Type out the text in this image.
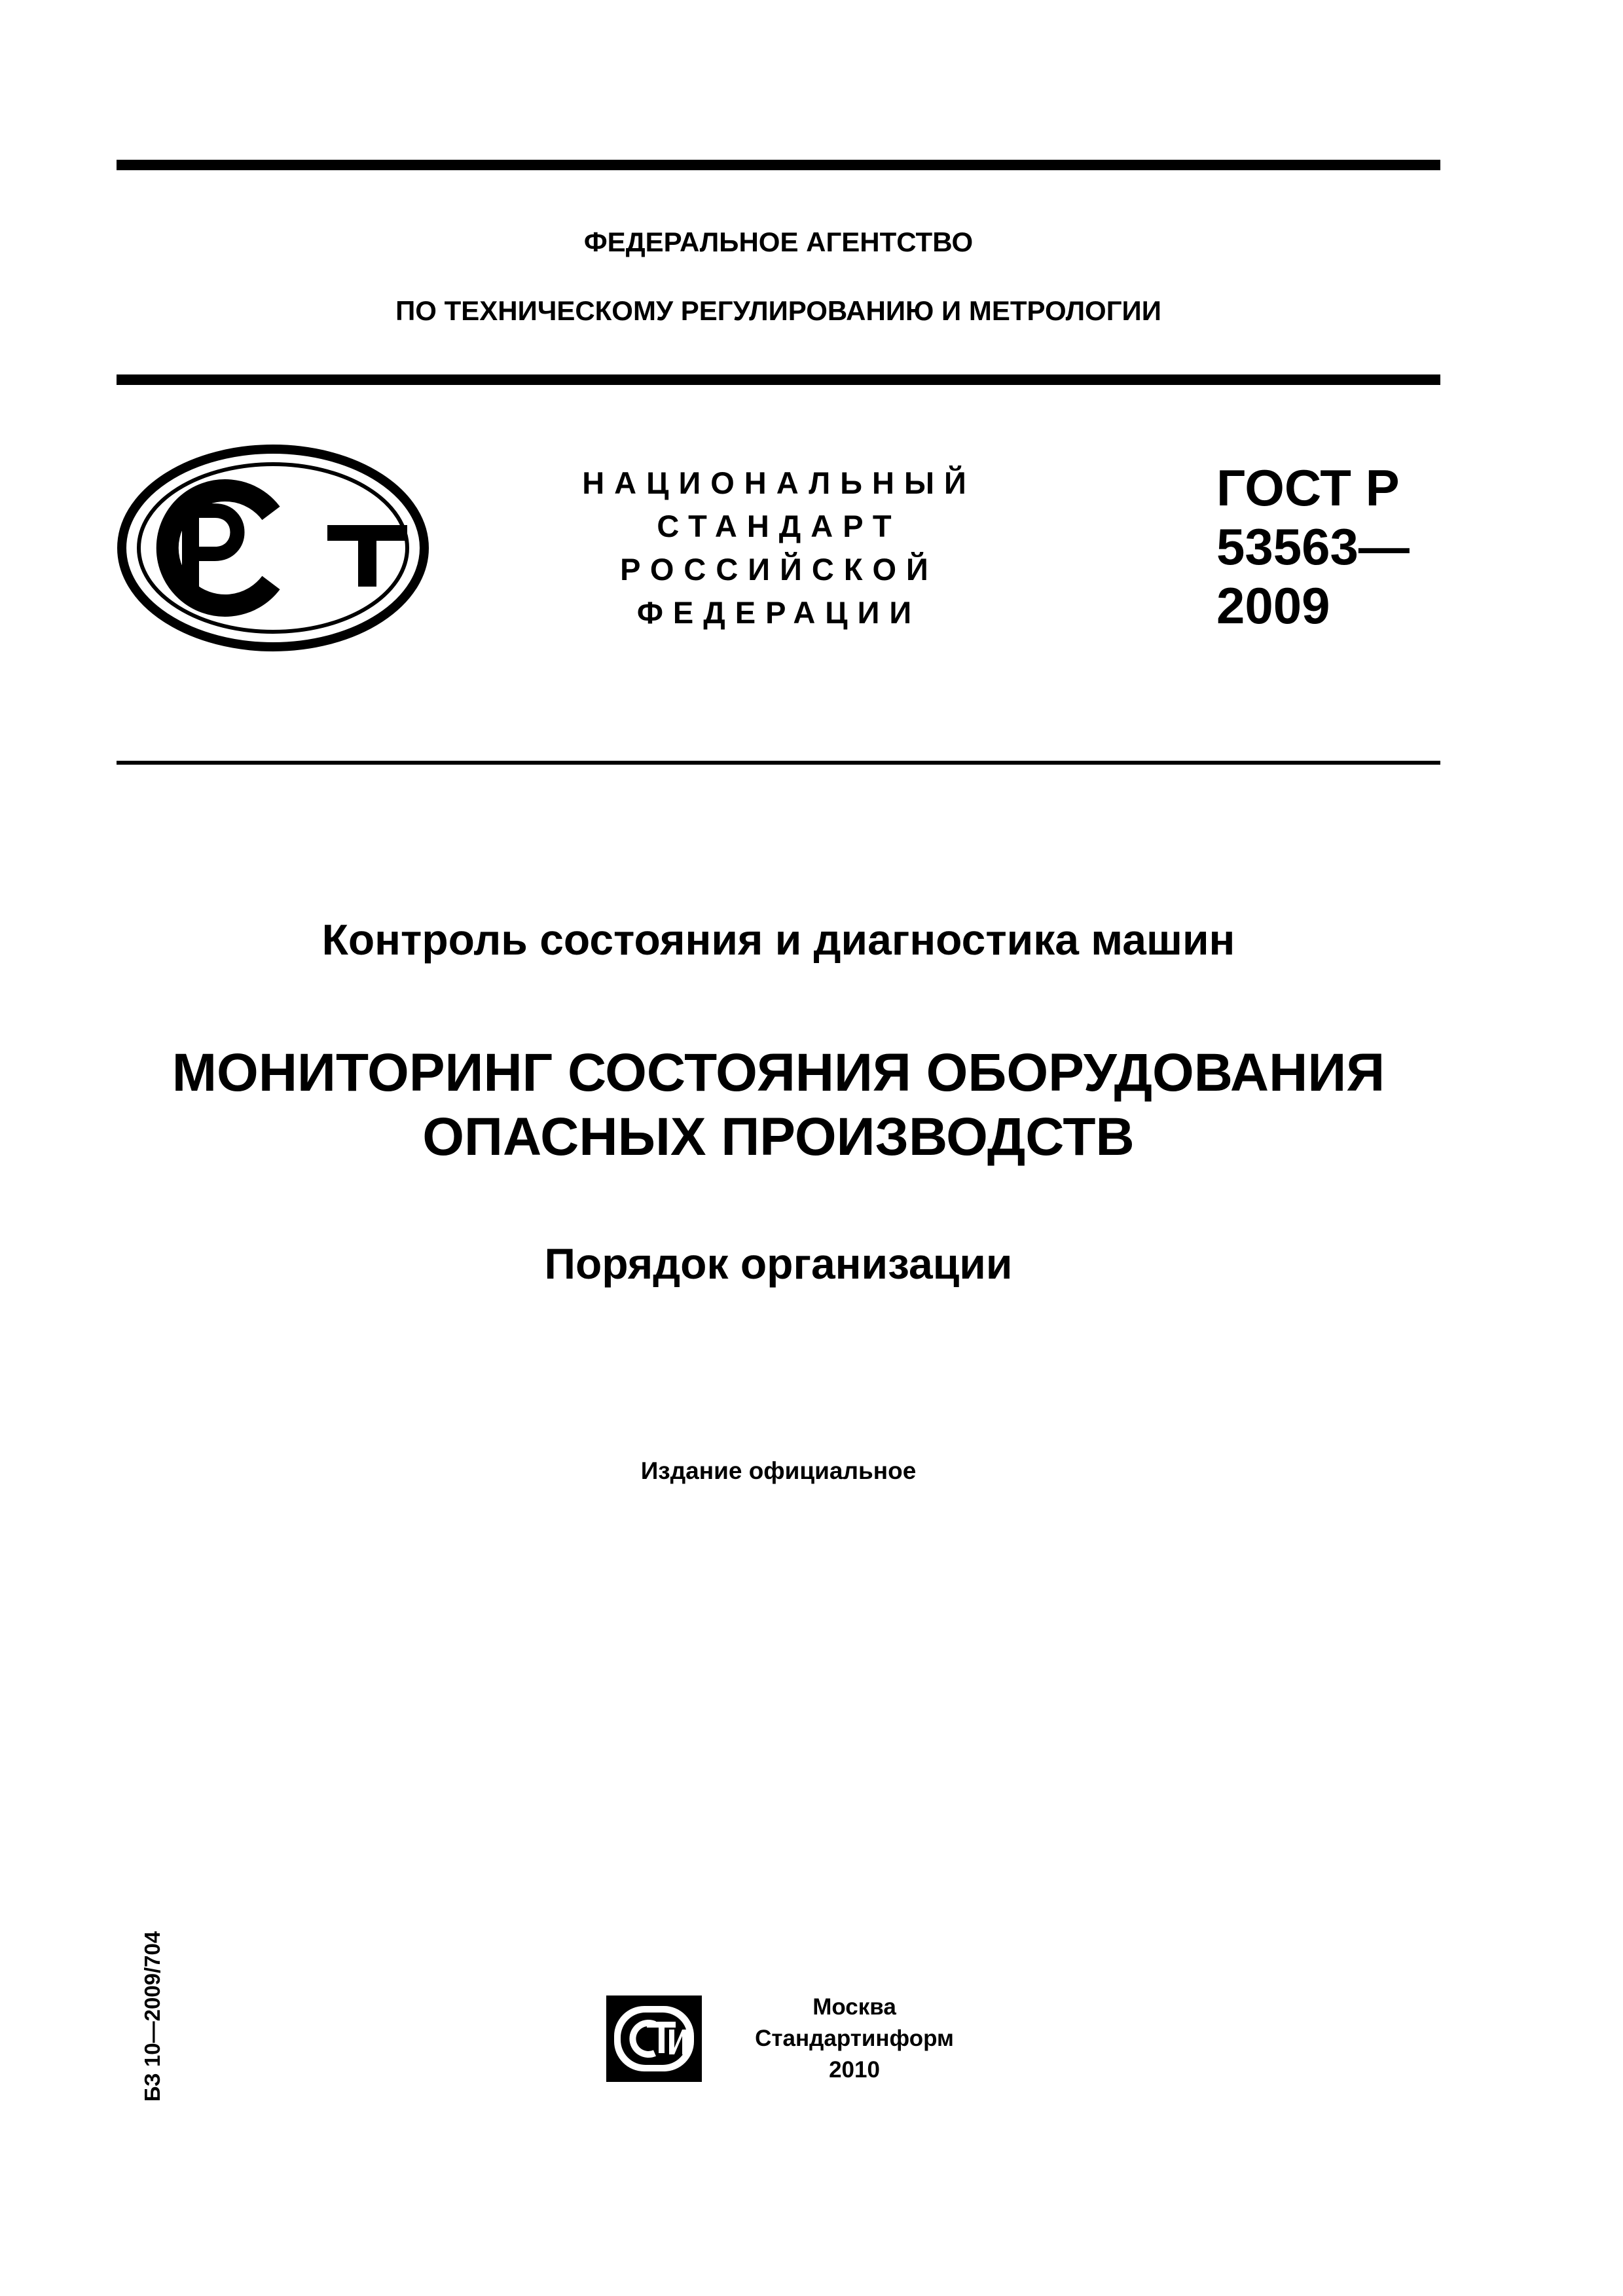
ФЕДЕРАЛЬНОЕ АГЕНТСТВО

ПО ТЕХНИЧЕСКОМУ РЕГУЛИРОВАНИЮ И МЕТРОЛОГИИ

НАЦИОНАЛЬНЫЙ
СТАНДАРТ
РОССИЙСКОЙ
ФЕДЕРАЦИИ
ГОСТ Р
53563—
2009

Контроль состояния и диагностика машин

МОНИТОРИНГ СОСТОЯНИЯ ОБОРУДОВАНИЯ
ОПАСНЫХ ПРОИЗВОДСТВ

Порядок организации

Издание официальное

БЗ 10—2009/704	Москва
Стандартинформ
2010
